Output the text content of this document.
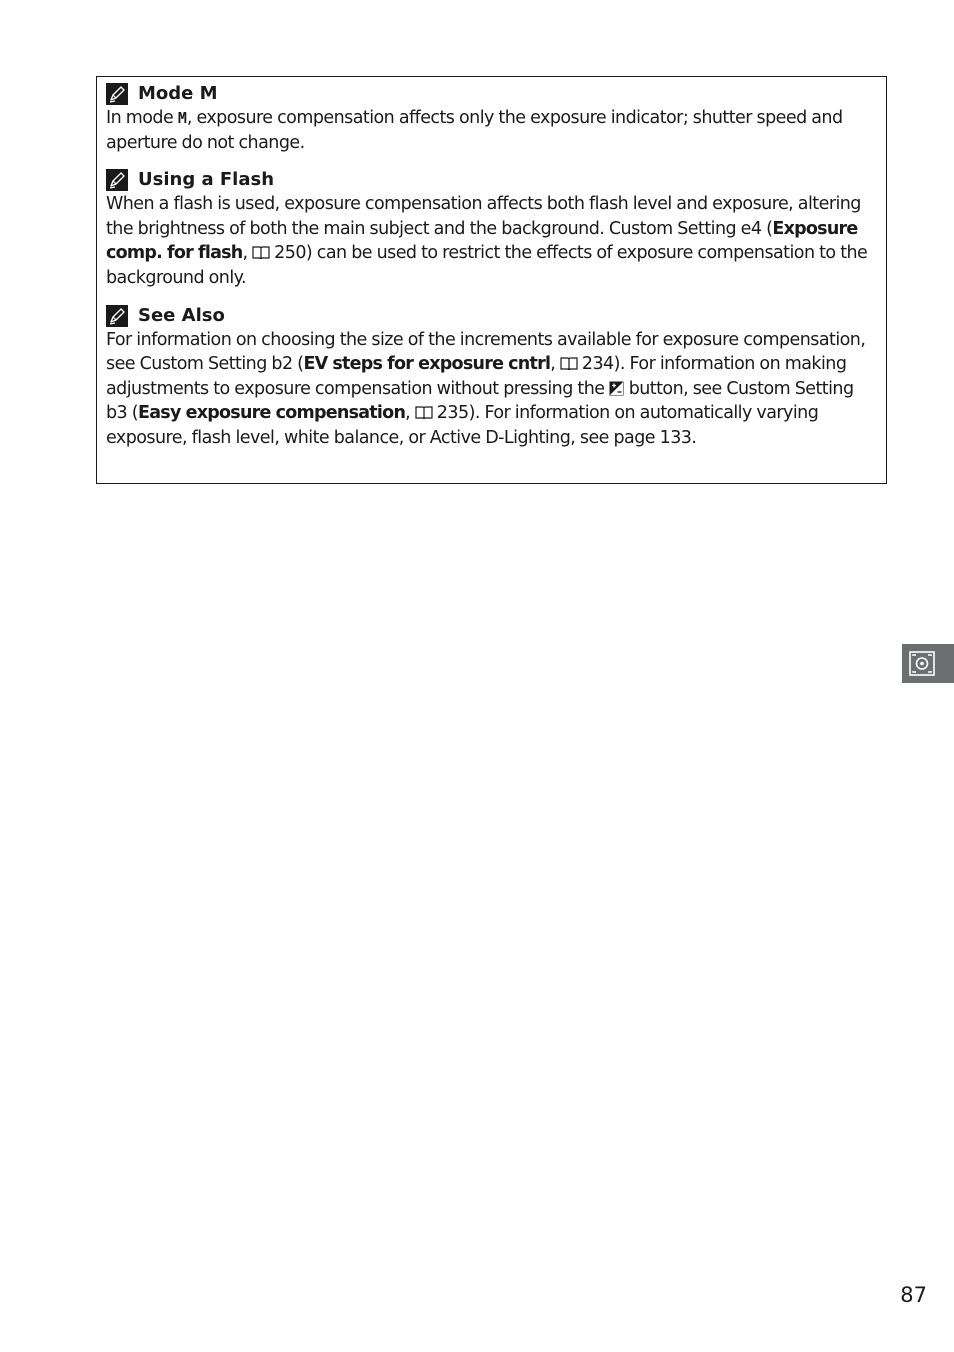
Mode M

In mode M, exposure compensation affects only the exposure indicator; shutter speed and aperture do not change.

Using a Flash

When a flash is used, exposure compensation affects both flash level and exposure, altering the brightness of both the main subject and the background. Custom Setting e4 (Exposure comp. for flash, 250) can be used to restrict the effects of exposure compensation to the background only.

See Also

For information on choosing the size of the increments available for exposure compensation, see Custom Setting b2 (EV steps for exposure cntrl, 234). For information on making adjustments to exposure compensation without pressing the  button, see Custom Setting b3 (Easy exposure compensation, 235). For information on automatically varying exposure, flash level, white balance, or Active D-Lighting, see page 133.

87
